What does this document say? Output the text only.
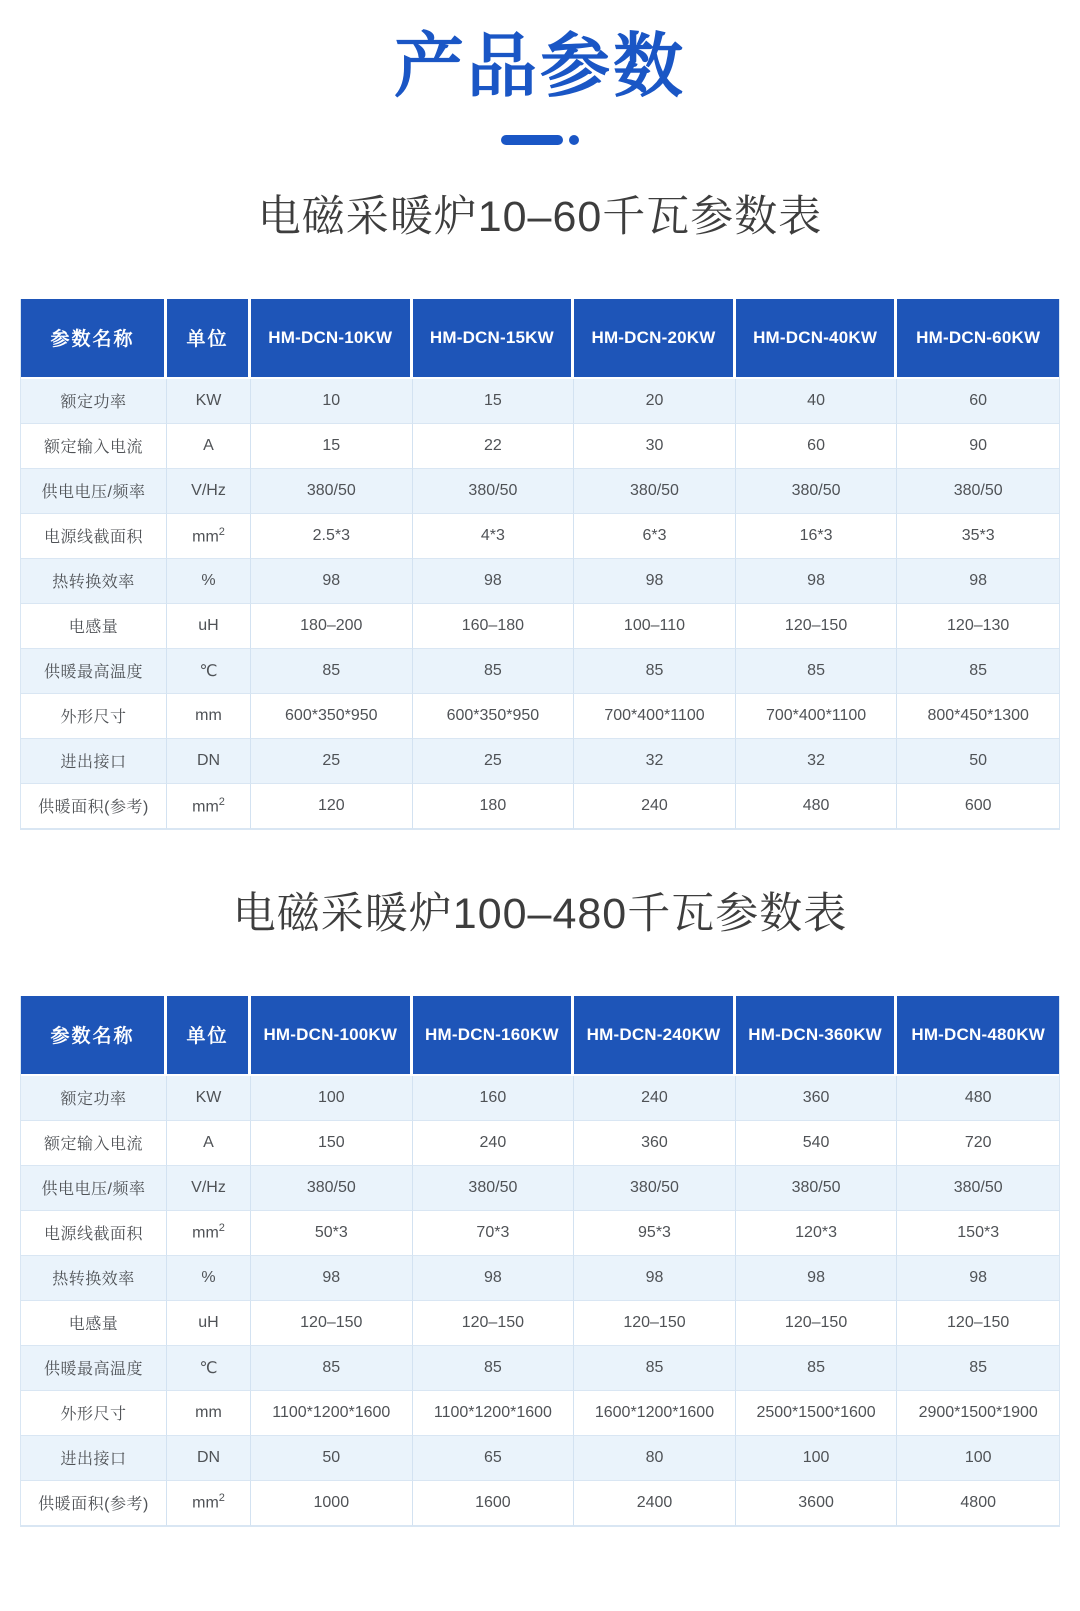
产品参数
电磁采暖炉10–60千瓦参数表
参数名称	单位	HM-DCN-10KW	HM-DCN-15KW	HM-DCN-20KW	HM-DCN-40KW	HM-DCN-60KW
额定功率	KW	10	15	20	40	60
额定输入电流	A	15	22	30	60	90
供电电压/频率	V/Hz	380/50	380/50	380/50	380/50	380/50
电源线截面积	$mm^2$	2.5*3	4*3	6*3	16*3	35*3
热转换效率	%	98	98	98	98	98
电感量	uH	180–200	160–180	100–110	120–150	120–130
供暖最高温度	℃	85	85	85	85	85
外形尺寸	mm	600*350*950	600*350*950	700*400*1100	700*400*1100	800*450*1300
进出接口	DN	25	25	32	32	50
供暖面积(参考)	$mm^2$	120	180	240	480	600
电磁采暖炉100–480千瓦参数表
参数名称	单位	HM-DCN-100KW	HM-DCN-160KW	HM-DCN-240KW	HM-DCN-360KW	HM-DCN-480KW
额定功率	KW	100	160	240	360	480
额定输入电流	A	150	240	360	540	720
供电电压/频率	V/Hz	380/50	380/50	380/50	380/50	380/50
电源线截面积	$mm^2$	50*3	70*3	95*3	120*3	150*3
热转换效率	%	98	98	98	98	98
电感量	uH	120–150	120–150	120–150	120–150	120–150
供暖最高温度	℃	85	85	85	85	85
外形尺寸	mm	1100*1200*1600	1100*1200*1600	1600*1200*1600	2500*1500*1600	2900*1500*1900
进出接口	DN	50	65	80	100	100
供暖面积(参考)	$mm^2$	1000	1600	2400	3600	4800
